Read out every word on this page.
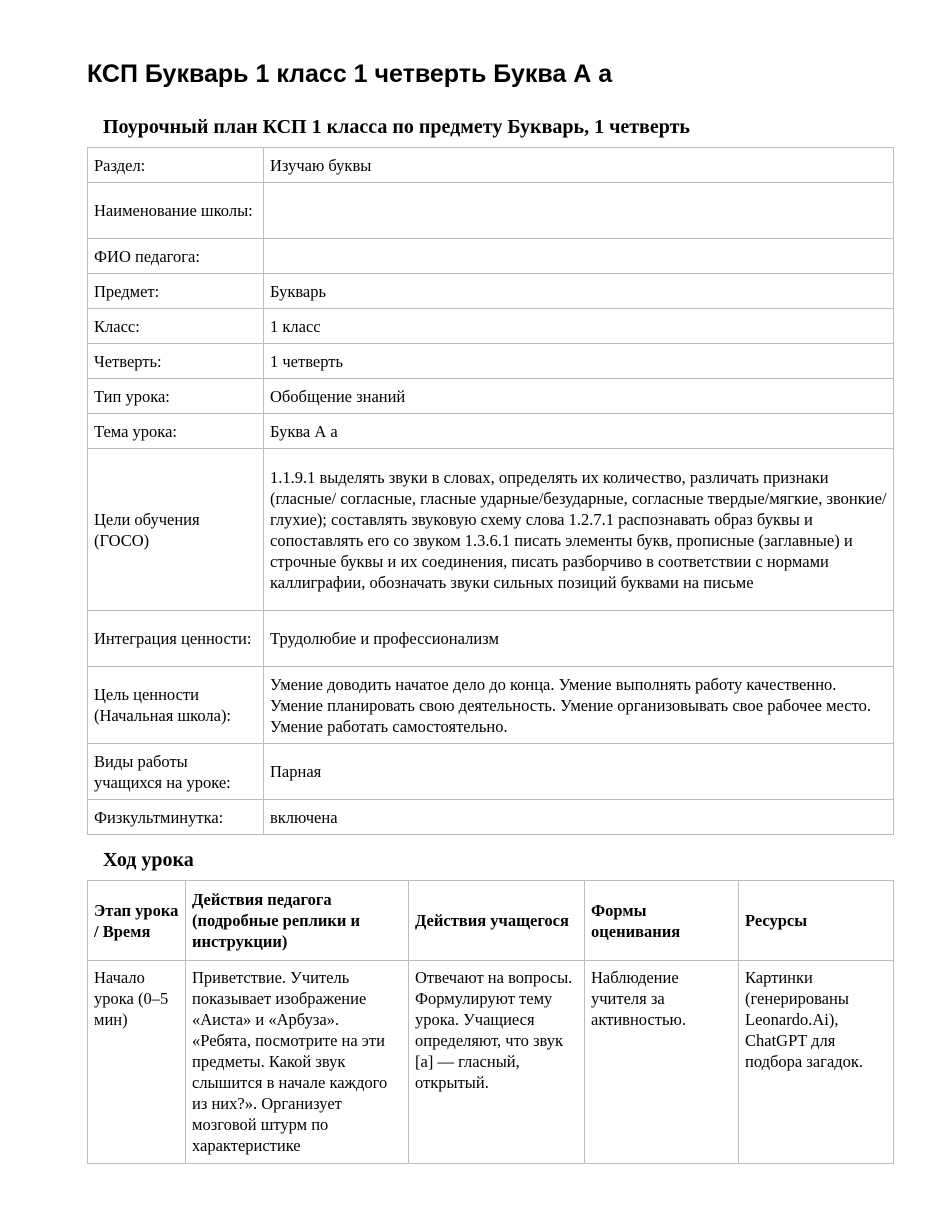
КСП Букварь 1 класс 1 четверть Буква А а
Поурочный план КСП 1 класса по предмету Букварь, 1 четверть
Раздел:	Изучаю буквы
Наименование школы:	
ФИО педагога:	
Предмет:	Букварь
Класс:	1 класс
Четверть:	1 четверть
Тип урока:	Обобщение знаний
Тема урока:	Буква А а
Цели обучения (ГОСО)	1.1.9.1 выделять звуки в словах, определять их количество, различать признаки (гласные/ согласные, гласные ударные/безударные, согласные твердые/мягкие, звонкие/глухие); составлять звуковую схему слова 1.2.7.1 распознавать образ буквы и сопоставлять его со звуком 1.3.6.1 писать элементы букв, прописные (заглавные) и строчные буквы и их соединения, писать разборчиво в соответствии с нормами каллиграфии, обозначать звуки сильных позиций буквами на письме
Интеграция ценности:	Трудолюбие и профессионализм
Цель ценности (Начальная школа):	Умение доводить начатое дело до конца. Умение выполнять работу качественно. Умение планировать свою деятельность. Умение организовывать свое рабочее место. Умение работать самостоятельно.
Виды работы учащихся на уроке:	Парная
Физкультминутка:	включена
Ход урока
Этап урока / Время	Действия педагога (подробные реплики и инструкции)	Действия учащегося	Формы оценивания	Ресурсы
Начало урока (0–5 мин)	Приветствие. Учитель показывает изображение «Аиста» и «Арбуза». «Ребята, посмотрите на эти предметы. Какой звук слышится в начале каждого из них?». Организует мозговой штурм по характеристике	Отвечают на вопросы. Формулируют тему урока. Учащиеся определяют, что звук [а] — гласный, открытый.	Наблюдение учителя за активностью.	Картинки (генерированы Leonardo.Ai), ChatGPT для подбора загадок.
